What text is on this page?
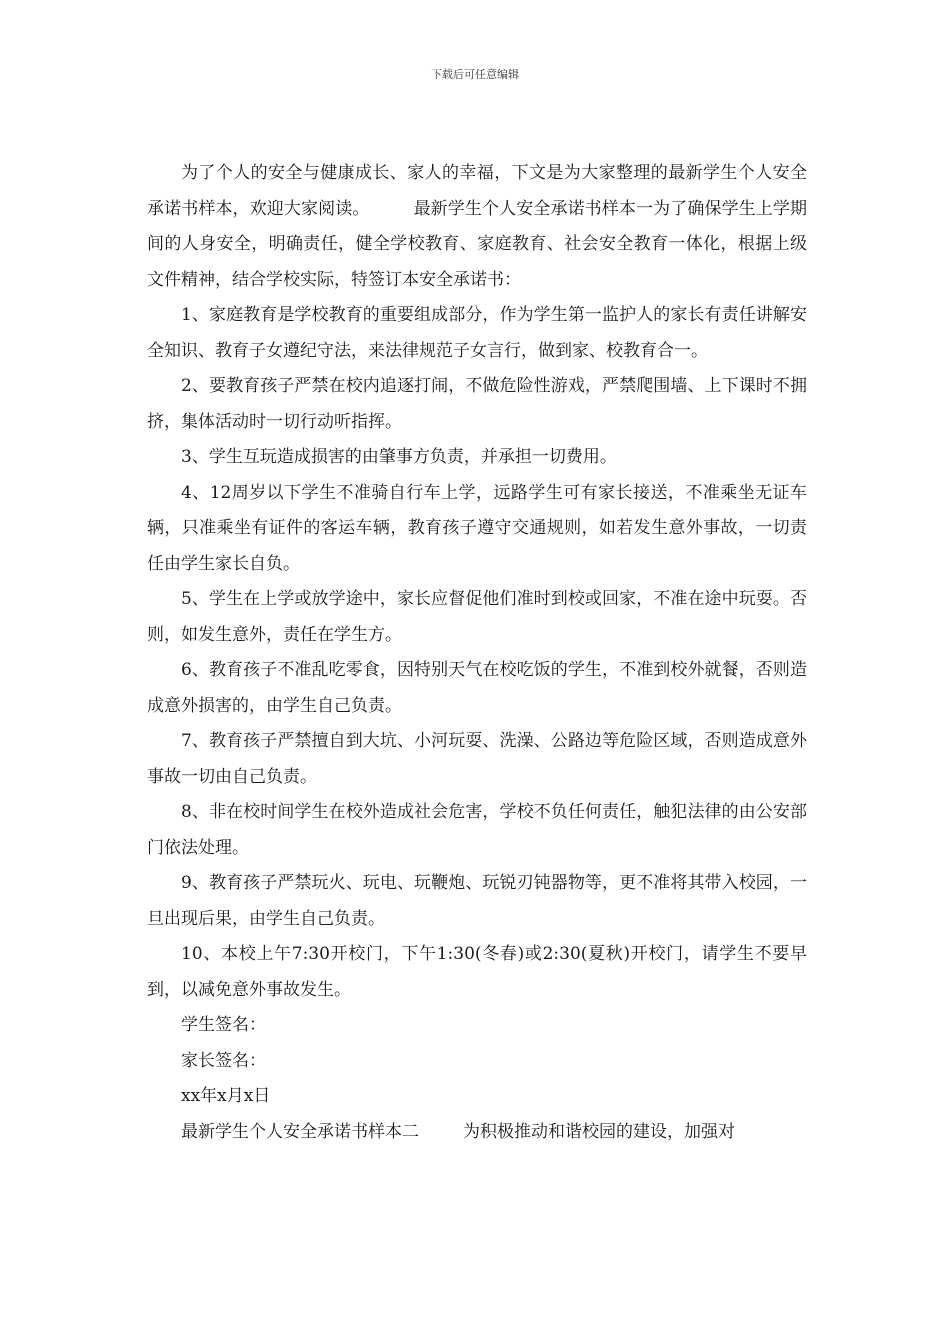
下载后可任意编辑

为了个人的安全与健康成长、家人的幸福，下文是为大家整理的最新学生个人安全承诺书样本，欢迎大家阅读。	最新学生个人安全承诺书样本一为了确保学生上学期间的人身安全，明确责任，健全学校教育、家庭教育、社会安全教育一体化，根据上级文件精神，结合学校实际，特签订本安全承诺书：

1、家庭教育是学校教育的重要组成部分，作为学生第一监护人的家长有责任讲解安全知识、教育子女遵纪守法，来法律规范子女言行，做到家、校教育合一。

2、要教育孩子严禁在校内追逐打闹，不做危险性游戏，严禁爬围墙、上下课时不拥挤，集体活动时一切行动听指挥。

3、学生互玩造成损害的由肇事方负责，并承担一切费用。

4、12周岁以下学生不准骑自行车上学，远路学生可有家长接送，不准乘坐无证车辆，只准乘坐有证件的客运车辆，教育孩子遵守交通规则，如若发生意外事故，一切责任由学生家长自负。

5、学生在上学或放学途中，家长应督促他们准时到校或回家，不准在途中玩耍。否则，如发生意外，责任在学生方。

6、教育孩子不准乱吃零食，因特别天气在校吃饭的学生，不准到校外就餐，否则造成意外损害的，由学生自己负责。

7、教育孩子严禁擅自到大坑、小河玩耍、洗澡、公路边等危险区域，否则造成意外事故一切由自己负责。

8、非在校时间学生在校外造成社会危害，学校不负任何责任，触犯法律的由公安部门依法处理。

9、教育孩子严禁玩火、玩电、玩鞭炮、玩锐刃钝器物等，更不准将其带入校园，一旦出现后果，由学生自己负责。

10、本校上午7:30开校门，下午1:30(冬春)或2:30(夏秋)开校门，请学生不要早到，以减免意外事故发生。

学生签名：

家长签名：

xx年x月x日

最新学生个人安全承诺书样本二	为积极推动和谐校园的建设，加强对
